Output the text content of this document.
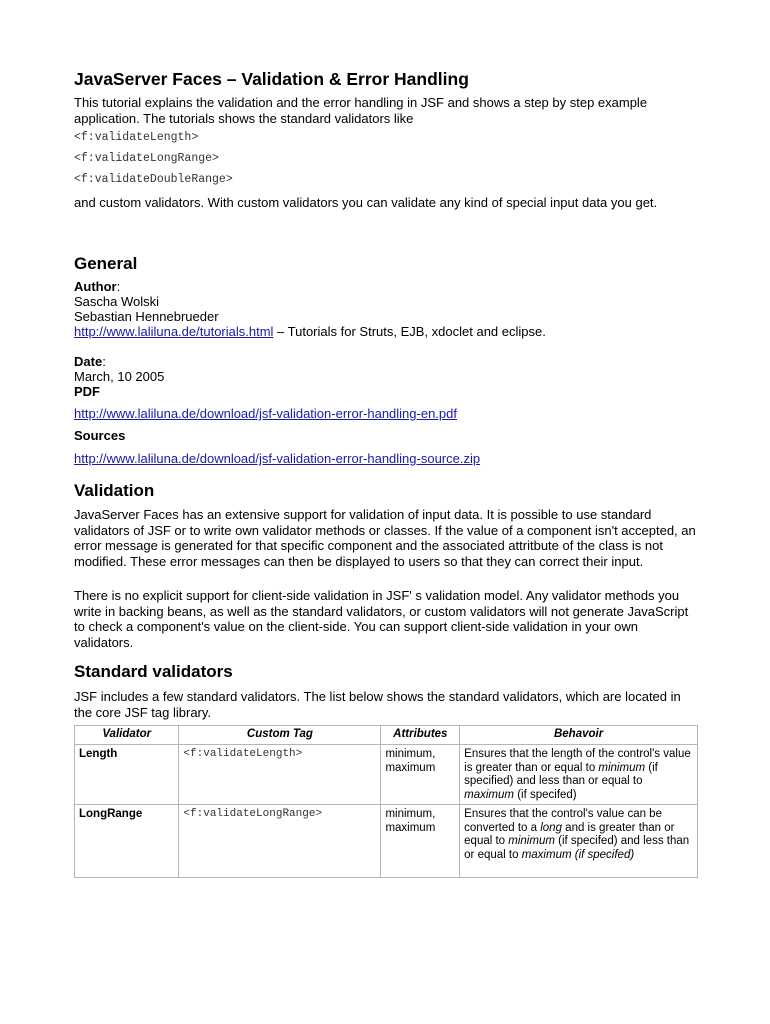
JavaServer Faces – Validation & Error Handling
This tutorial explains the validation and the error handling in JSF and shows a step by step example application. The tutorials shows the standard validators like
<f:validateLength>
<f:validateLongRange>
<f:validateDoubleRange>
and custom validators. With custom validators you can validate any kind of special input data you get.
General
Author:
Sascha Wolski
Sebastian Hennebrueder
http://www.laliluna.de/tutorials.html – Tutorials for Struts, EJB, xdoclet and eclipse.
Date:
March, 10 2005
PDF
http://www.laliluna.de/download/jsf-validation-error-handling-en.pdf
Sources
http://www.laliluna.de/download/jsf-validation-error-handling-source.zip
Validation
JavaServer Faces has an extensive support for validation of input data. It is possible to use standard validators of JSF or to write own validator methods or classes. If the value of a component isn't accepted, an error message is generated for that specific component and the associated attritbute of the class is not modified. These error messages can then be displayed to users so that they can correct their input.
There is no explicit support for client-side validation in JSF' s validation model. Any validator methods you write in backing beans, as well as the standard validators, or custom validators will not generate JavaScript to check a component's value on the client-side. You can support client-side validation in your own validators.
Standard validators
JSF includes a few standard validators. The list below shows the standard validators, which are located in the core JSF tag library.
Validator	Custom Tag	Attributes	Behavoir
Length	<f:validateLength>	minimum, maximum	Ensures that the length of the control's value is greater than or equal to minimum (if specified) and less than or equal to maximum (if specifed)
LongRange	<f:validateLongRange>	minimum, maximum	Ensures that the control's value can be converted to a long and is greater than or equal to minimum (if specifed) and less than or equal to maximum (if specifed)
